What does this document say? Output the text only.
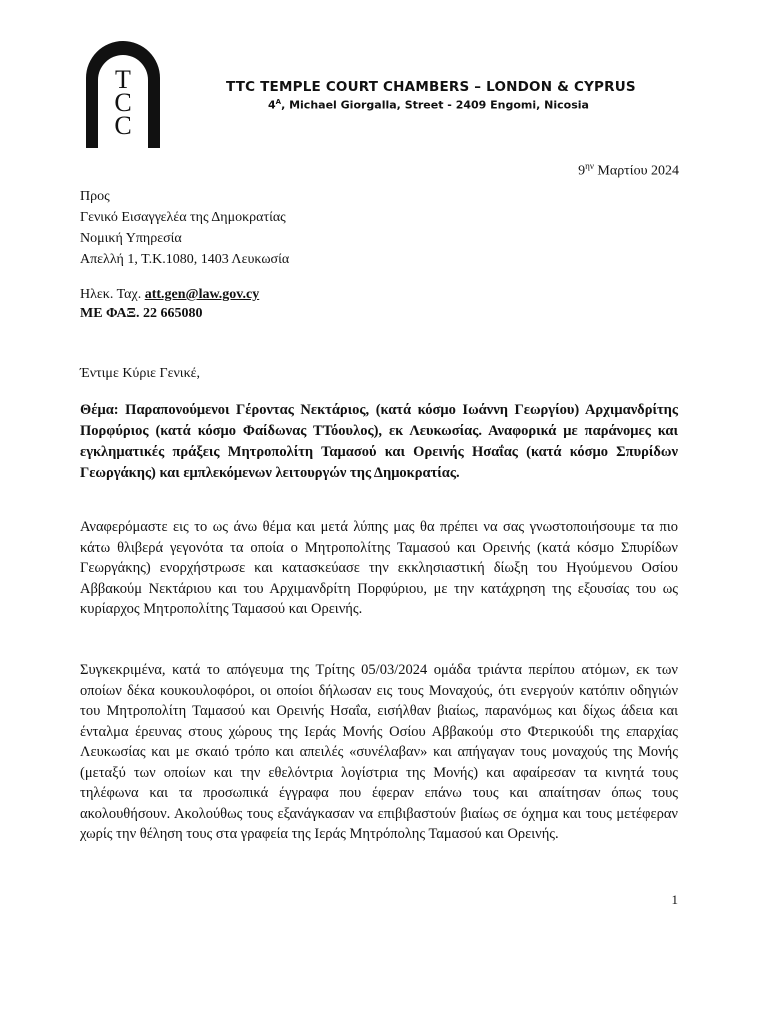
T
C
C

TTC TEMPLE COURT CHAMBERS – LONDON & CYPRUS

$4^A$, Michael Giorgalla, Street - 2409 Engomi, Nicosia

$9^{\eta\nu}$ Μαρτίου 2024
Προς
Γενικό Εισαγγελέα της Δημοκρατίας
Νομική Υπηρεσία
Απελλή 1, Τ.Κ.1080, 1403 Λευκωσία
Ηλεκ. Ταχ. att.gen@law.gov.cy
ΜΕ ΦΑΞ. 22 665080
Έντιμε Κύριε Γενικέ,
Θέμα: Παραπονούμενοι Γέροντας Νεκτάριος, (κατά κόσμο Ιωάννη Γεωργίου) Αρχιμανδρίτης Πορφύριος (κατά κόσμο Φαίδωνας ΤΤόουλος), εκ Λευκωσίας. Αναφορικά με παράνομες και εγκληματικές πράξεις Μητροπολίτη Ταμασού και Ορεινής Ησαΐας (κατά κόσμο Σπυρίδων Γεωργάκης) και εμπλεκόμενων λειτουργών της Δημοκρατίας.

Αναφερόμαστε εις το ως άνω θέμα και μετά λύπης μας θα πρέπει να σας γνωστοποιήσουμε τα πιο κάτω θλιβερά γεγονότα τα οποία ο Μητροπολίτης Ταμασού και Ορεινής (κατά κόσμο Σπυρίδων Γεωργάκης) ενορχήστρωσε και κατασκεύασε την εκκλησιαστική δίωξη του Ηγούμενου Οσίου Αββακούμ Νεκτάριου και του Αρχιμανδρίτη Πορφύριου, με την κατάχρηση της εξουσίας του ως κυρίαρχος Μητροπολίτης Ταμασού και Ορεινής.

Συγκεκριμένα, κατά το απόγευμα της Τρίτης 05/03/2024 ομάδα τριάντα περίπου ατόμων, εκ των οποίων δέκα κουκουλοφόροι, οι οποίοι δήλωσαν εις τους Μοναχούς, ότι ενεργούν κατόπιν οδηγιών του Μητροπολίτη Ταμασού και Ορεινής Ησαΐα, εισήλθαν βιαίως, παρανόμως και δίχως άδεια και ένταλμα έρευνας στους χώρους της Ιεράς Μονής Οσίου Αββακούμ στο Φτερικούδι της επαρχίας Λευκωσίας και με σκαιό τρόπο και απειλές «συνέλαβαν» και απήγαγαν τους μοναχούς της Μονής (μεταξύ των οποίων και την εθελόντρια λογίστρια της Μονής) και αφαίρεσαν τα κινητά τους τηλέφωνα και τα προσωπικά έγγραφα που έφεραν επάνω τους και απαίτησαν όπως τους ακολουθήσουν. Ακολούθως τους εξανάγκασαν να επιβιβαστούν βιαίως σε όχημα και τους μετέφεραν χωρίς την θέληση τους στα γραφεία της Ιεράς Μητρόπολης Ταμασού και Ορεινής.

1
